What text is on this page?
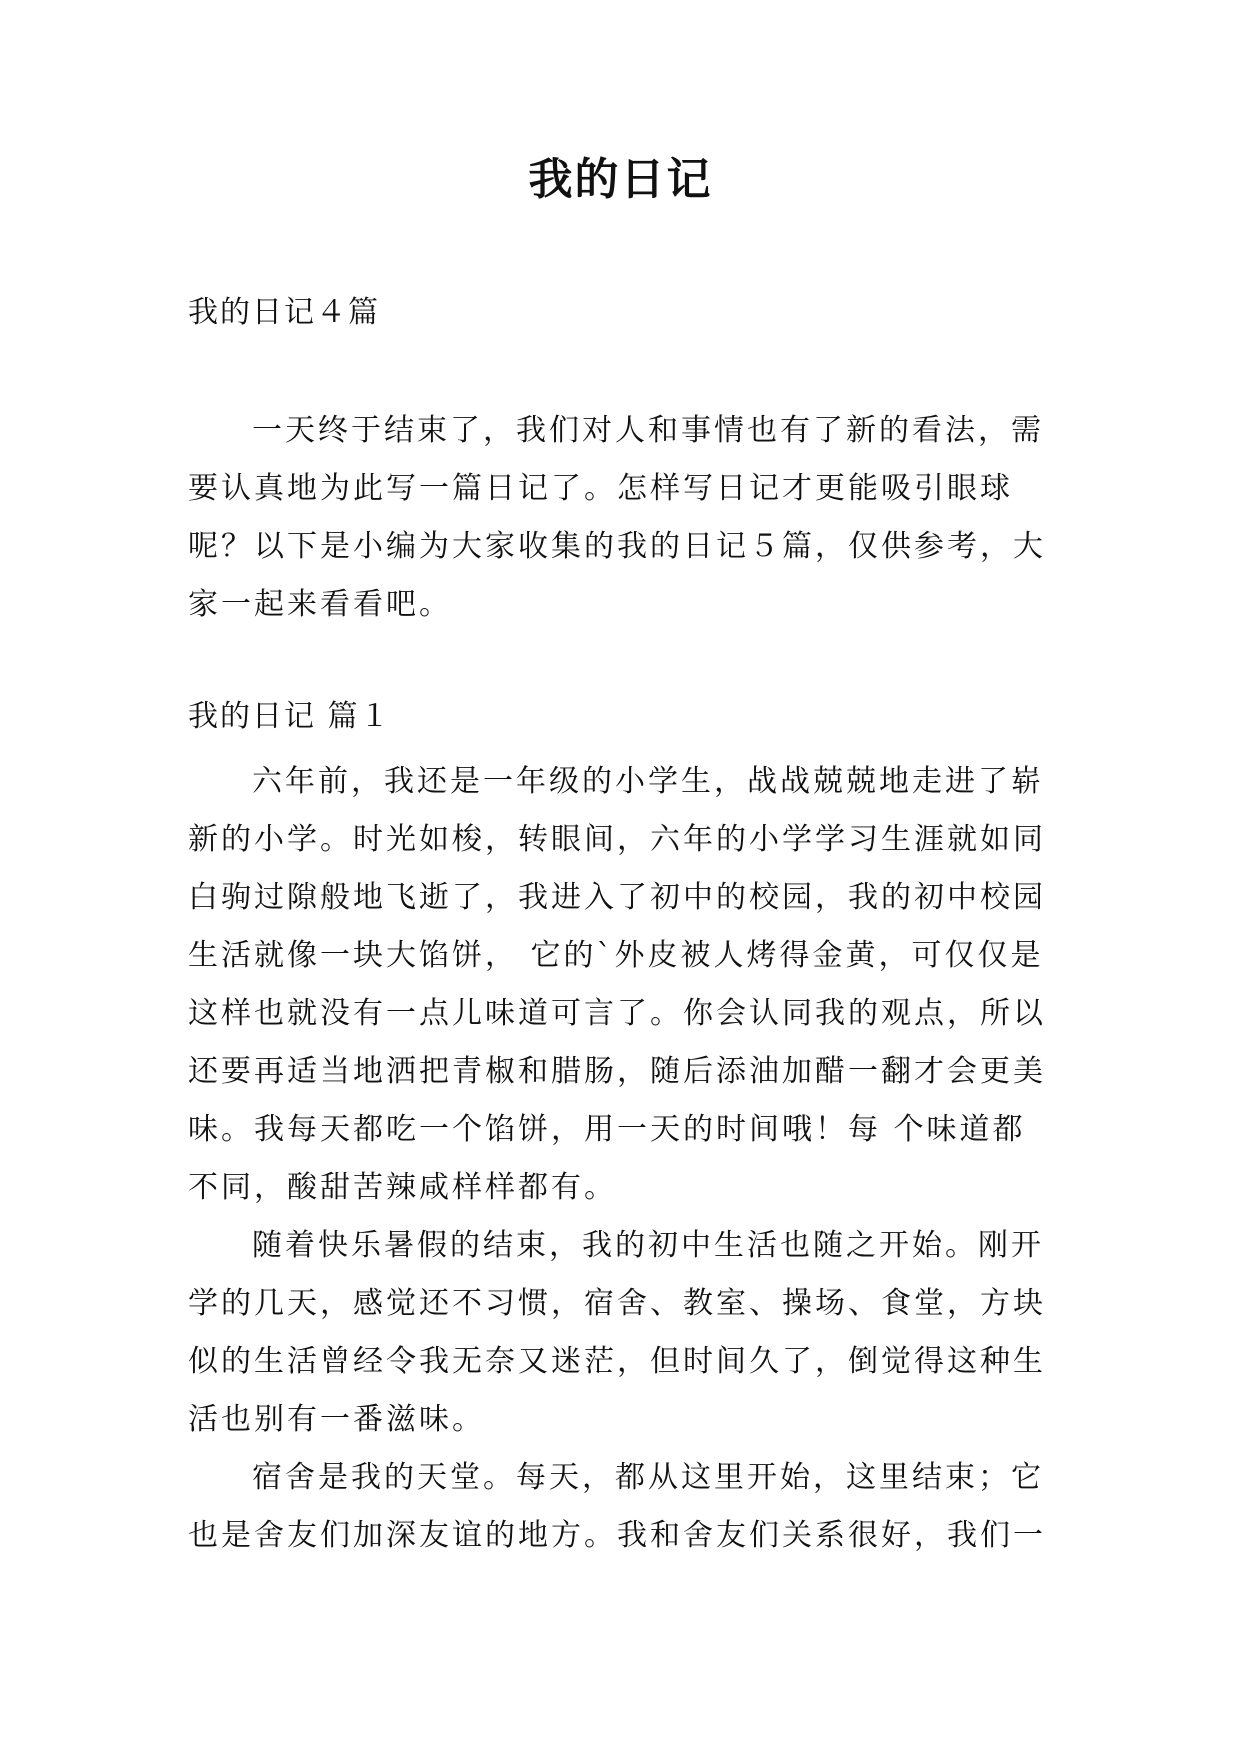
我的日记
我的日记４篇

一天终于结束了，我们对人和事情也有了新的看法，需要认真地为此写一篇日记了。怎样写日记才更能吸引眼球呢？以下是小编为大家收集的我的日记５篇，仅供参考，大家一起来看看吧。

我的日记 篇１

六年前，我还是一年级的小学生，战战兢兢地走进了崭新的小学。时光如梭，转眼间，六年的小学学习生涯就如同白驹过隙般地飞逝了，我进入了初中的校园，我的初中校园生活就像一块大馅饼， 它的`外皮被人烤得金黄，可仅仅是这样也就没有一点儿味道可言了。你会认同我的观点，所以还要再适当地洒把青椒和腊肠，随后添油加醋一翻才会更美味。我每天都吃一个馅饼，用一天的时间哦！每 个味道都不同，酸甜苦辣咸样样都有。

随着快乐暑假的结束，我的初中生活也随之开始。刚开学的几天，感觉还不习惯，宿舍、教室、操场、食堂，方块似的生活曾经令我无奈又迷茫，但时间久了，倒觉得这种生活也别有一番滋味。

宿舍是我的天堂。每天，都从这里开始，这里结束；它也是舍友们加深友谊的地方。我和舍友们关系很好，我们一
